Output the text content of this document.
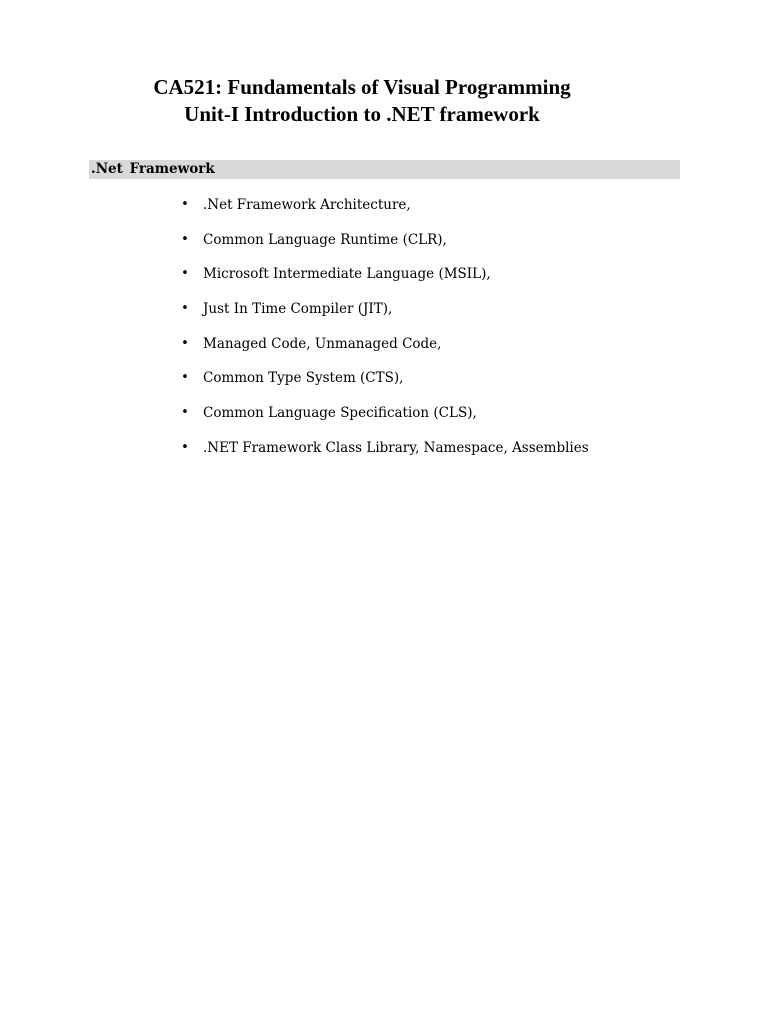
CA521: Fundamentals of Visual Programming
Unit-I Introduction to .NET framework
.Net Framework
• .Net Framework Architecture,
• Common Language Runtime (CLR),
• Microsoft Intermediate Language (MSIL),
• Just In Time Compiler (JIT),
• Managed Code, Unmanaged Code,
• Common Type System (CTS),
• Common Language Specification (CLS),
• .NET Framework Class Library, Namespace, Assemblies
